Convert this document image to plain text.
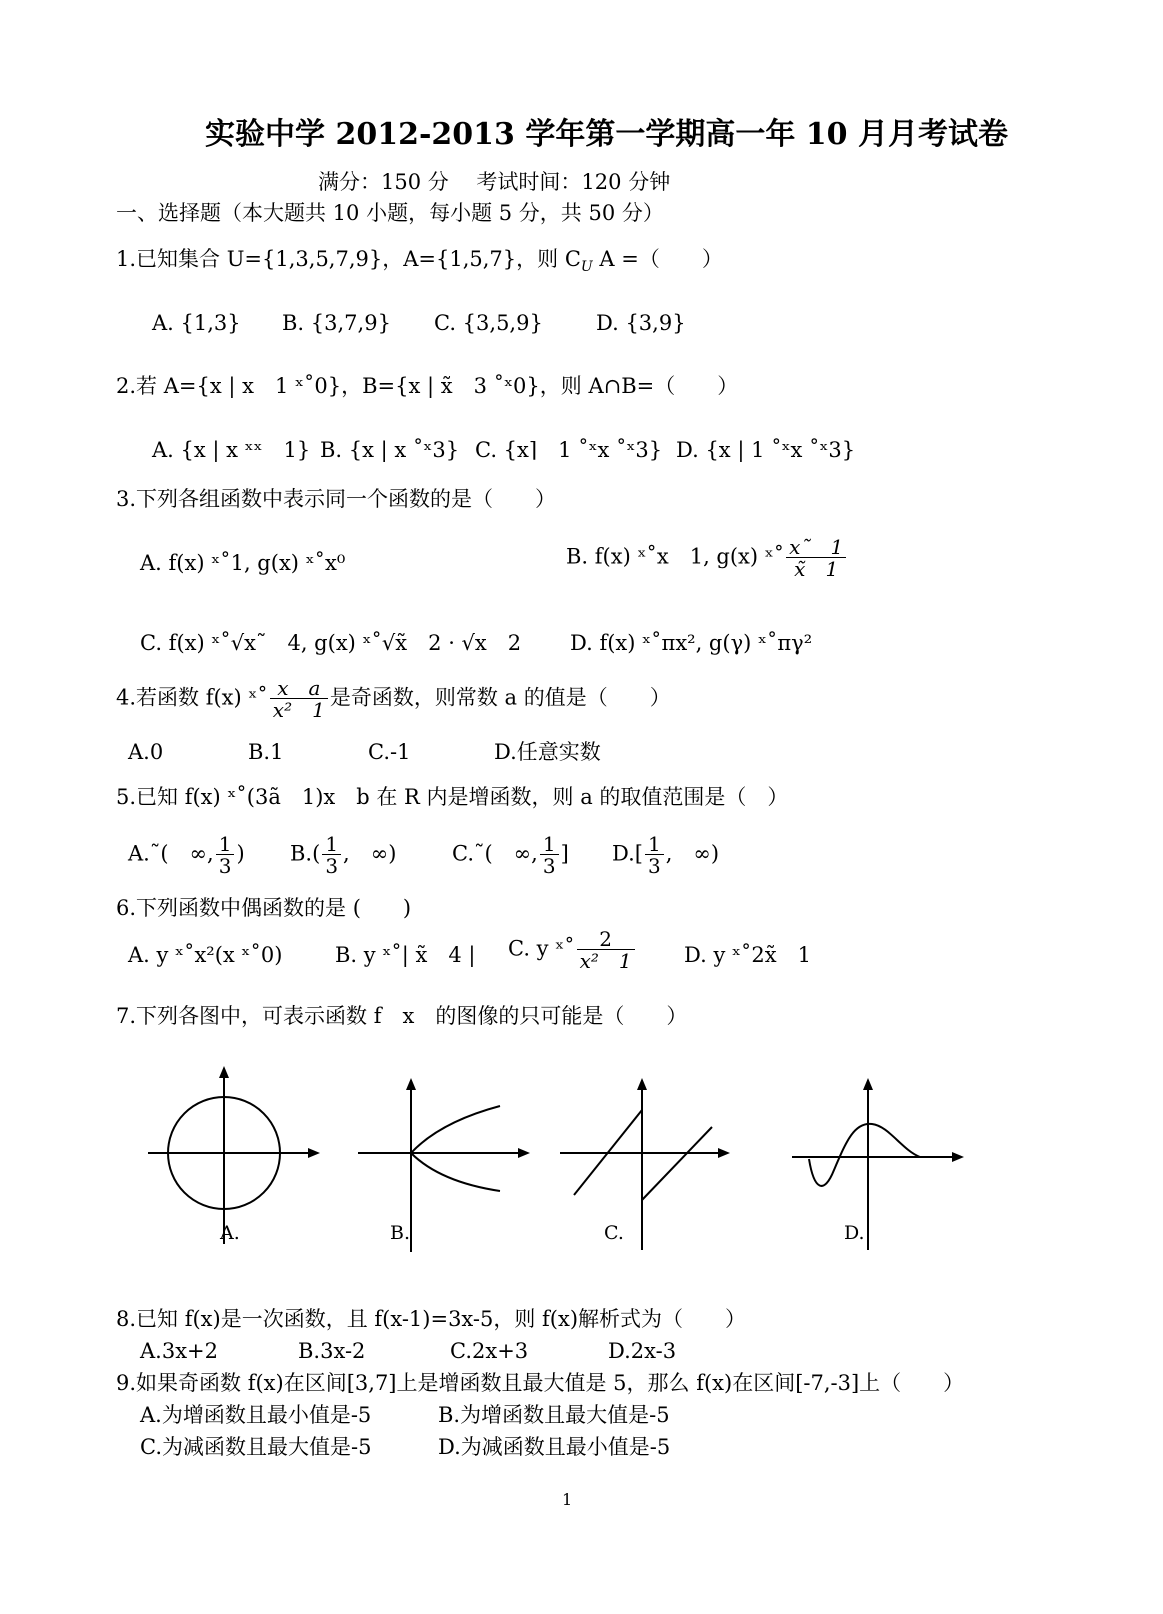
实验中学 2012-2013 学年第一学期高一年 10 月月考试卷
满分：150 分　 考试时间：120 分钟
一、选择题（本大题共 10 小题，每小题 5 分，共 50 分）
1.已知集合 U={1,3,5,7,9}，A={1,5,7}，则 $C_U$ A =（　　）
A. {1,3} B. {3,7,9} C. {3,5,9}	D. {3,9}
2.若 A={x | x　1 ˣ˚0}，B={x | x̃　3 ˚ˣ0}，则 A∩B=（　　）
A. {x | x ˣˣ　1} B. {x | x ˚ˣ3} C. {x⌉　1 ˚ˣx ˚ˣ3} D. {x | 1 ˚ˣx ˚ˣ3}
3.下列各组函数中表示同一个函数的是（　　）
A. f(x) ˣ˚1, g(x) ˣ˚x⁰	B. f(x) ˣ˚x　1, g(x) ˣ˚ $\frac{x˜ 1}{x̃ 1}$
C. f(x) ˣ˚√x˜　4, g(x) ˣ˚√x̃　2 · √x　2 D. f(x) ˣ˚πx², g(γ) ˣ˚πγ²
4.若函数 f(x) ˣ˚ $\frac{\text{x　a}}{\text{x²　1}}$ 是奇函数，则常数 a 的值是（　　）
A.0	B.1	C.-1	D.任意实数
5.已知 f(x) ˣ˚(3ã　1)x　b 在 R 内是增函数，则 a 的取值范围是（　）
A.˜(　∞, $\frac{1}{3}$ ) $B.( \frac{1}{3}$ ,　∞)	C.˜(　∞, $\frac{1}{3}$ ] $D.[ \frac{1}{3}$ ,　∞)
6.下列函数中偶函数的是 (　　)
A. y ˣ˚x²(x ˣ˚0)	B. y ˣ˚| x̃　4 | C. y ˣ˚ $\frac{2}{\text{x²　1}} D$. y ˣ˚2x̃　1
7.下列各图中，可表示函数 f　x　的图像的只可能是（　　）
A.	B.	C.	D.
8.已知 f(x)是一次函数，且 f(x-1)=3x-5，则 f(x)解析式为（　　）
A.3x+2	B.3x-2	C.2x+3	D.2x-3
9.如果奇函数 f(x)在区间[3,7]上是增函数且最大值是 5，那么 f(x)在区间[-7,-3]上（　　）
A.为增函数且最小值是-5	B.为增函数且最大值是-5
C.为减函数且最大值是-5	D.为减函数且最小值是-5
1
